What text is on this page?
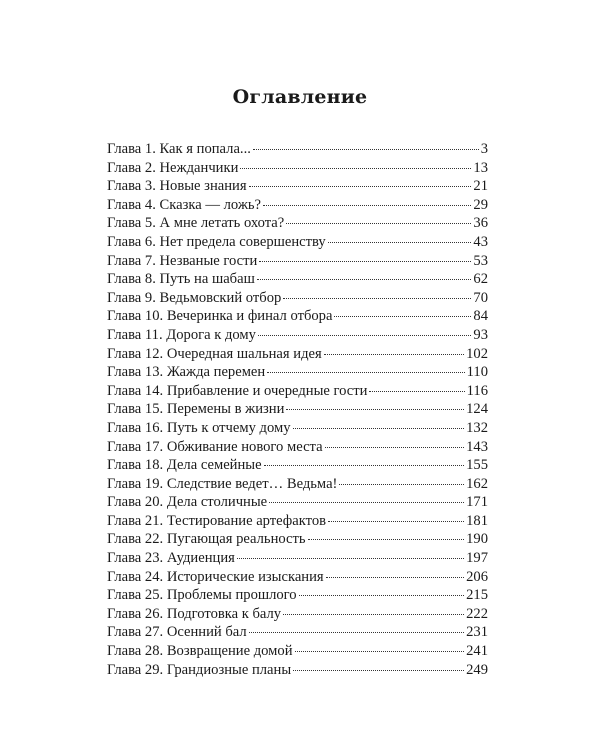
Оглавление
Глава 1. Как я попала...	3
Глава 2. Нежданчики	13
Глава 3. Новые знания	21
Глава 4. Сказка — ложь?	29
Глава 5. А мне летать охота?	36
Глава 6. Нет предела совершенству	43
Глава 7. Незваные гости	53
Глава 8. Путь на шабаш	62
Глава 9. Ведьмовский отбор	70
Глава 10. Вечеринка и финал отбора	84
Глава 11. Дорога к дому	93
Глава 12. Очередная шальная идея	102
Глава 13. Жажда перемен	110
Глава 14. Прибавление и очередные гости	116
Глава 15. Перемены в жизни	124
Глава 16. Путь к отчему дому	132
Глава 17. Обживание нового места	143
Глава 18. Дела семейные	155
Глава 19. Следствие ведет… Ведьма!	162
Глава 20. Дела столичные	171
Глава 21. Тестирование артефактов	181
Глава 22. Пугающая реальность	190
Глава 23. Аудиенция	197
Глава 24. Исторические изыскания	206
Глава 25. Проблемы прошлого	215
Глава 26. Подготовка к балу	222
Глава 27. Осенний бал	231
Глава 28. Возвращение домой	241
Глава 29. Грандиозные планы	249
